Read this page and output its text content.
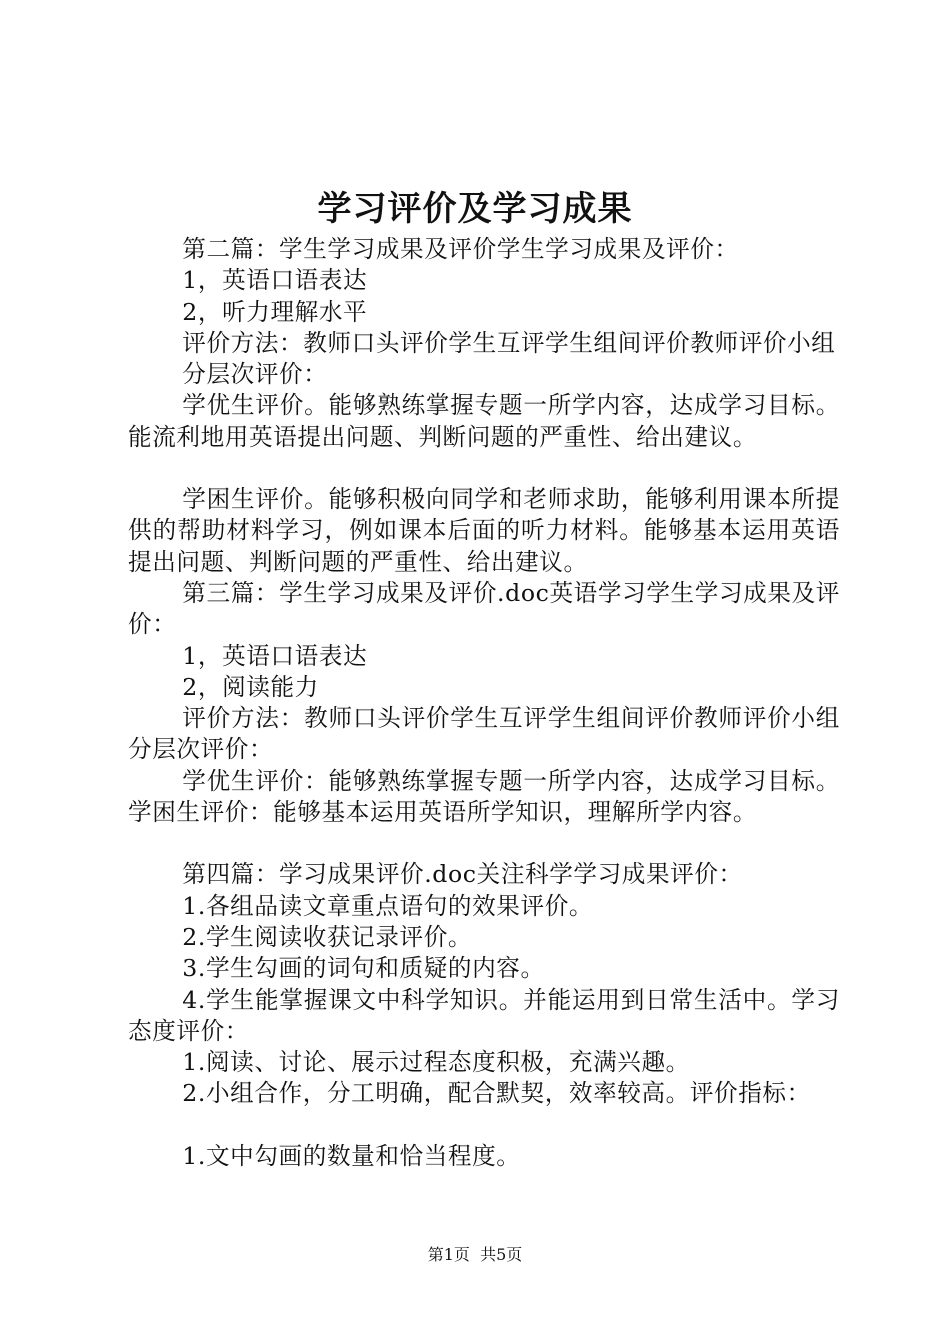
学习评价及学习成果

第二篇：学生学习成果及评价学生学习成果及评价：

1，英语口语表达

2，听力理解水平

评价方法：教师口头评价学生互评学生组间评价教师评价小组

分层次评价：

学优生评价。能够熟练掌握专题一所学内容，达成学习目标。能流利地用英语提出问题、判断问题的严重性、给出建议。

学困生评价。能够积极向同学和老师求助，能够利用课本所提供的帮助材料学习，例如课本后面的听力材料。能够基本运用英语提出问题、判断问题的严重性、给出建议。

第三篇：学生学习成果及评价.doc英语学习学生学习成果及评价：

1，英语口语表达

2，阅读能力

评价方法：教师口头评价学生互评学生组间评价教师评价小组分层次评价：

学优生评价：能够熟练掌握专题一所学内容，达成学习目标。学困生评价：能够基本运用英语所学知识，理解所学内容。

第四篇：学习成果评价.doc关注科学学习成果评价：

1.各组品读文章重点语句的效果评价。

2.学生阅读收获记录评价。

3.学生勾画的词句和质疑的内容。

4.学生能掌握课文中科学知识。并能运用到日常生活中。学习态度评价：

1.阅读、讨论、展示过程态度积极，充满兴趣。

2.小组合作，分工明确，配合默契，效率较高。评价指标：

1.文中勾画的数量和恰当程度。

第1页 共5页
